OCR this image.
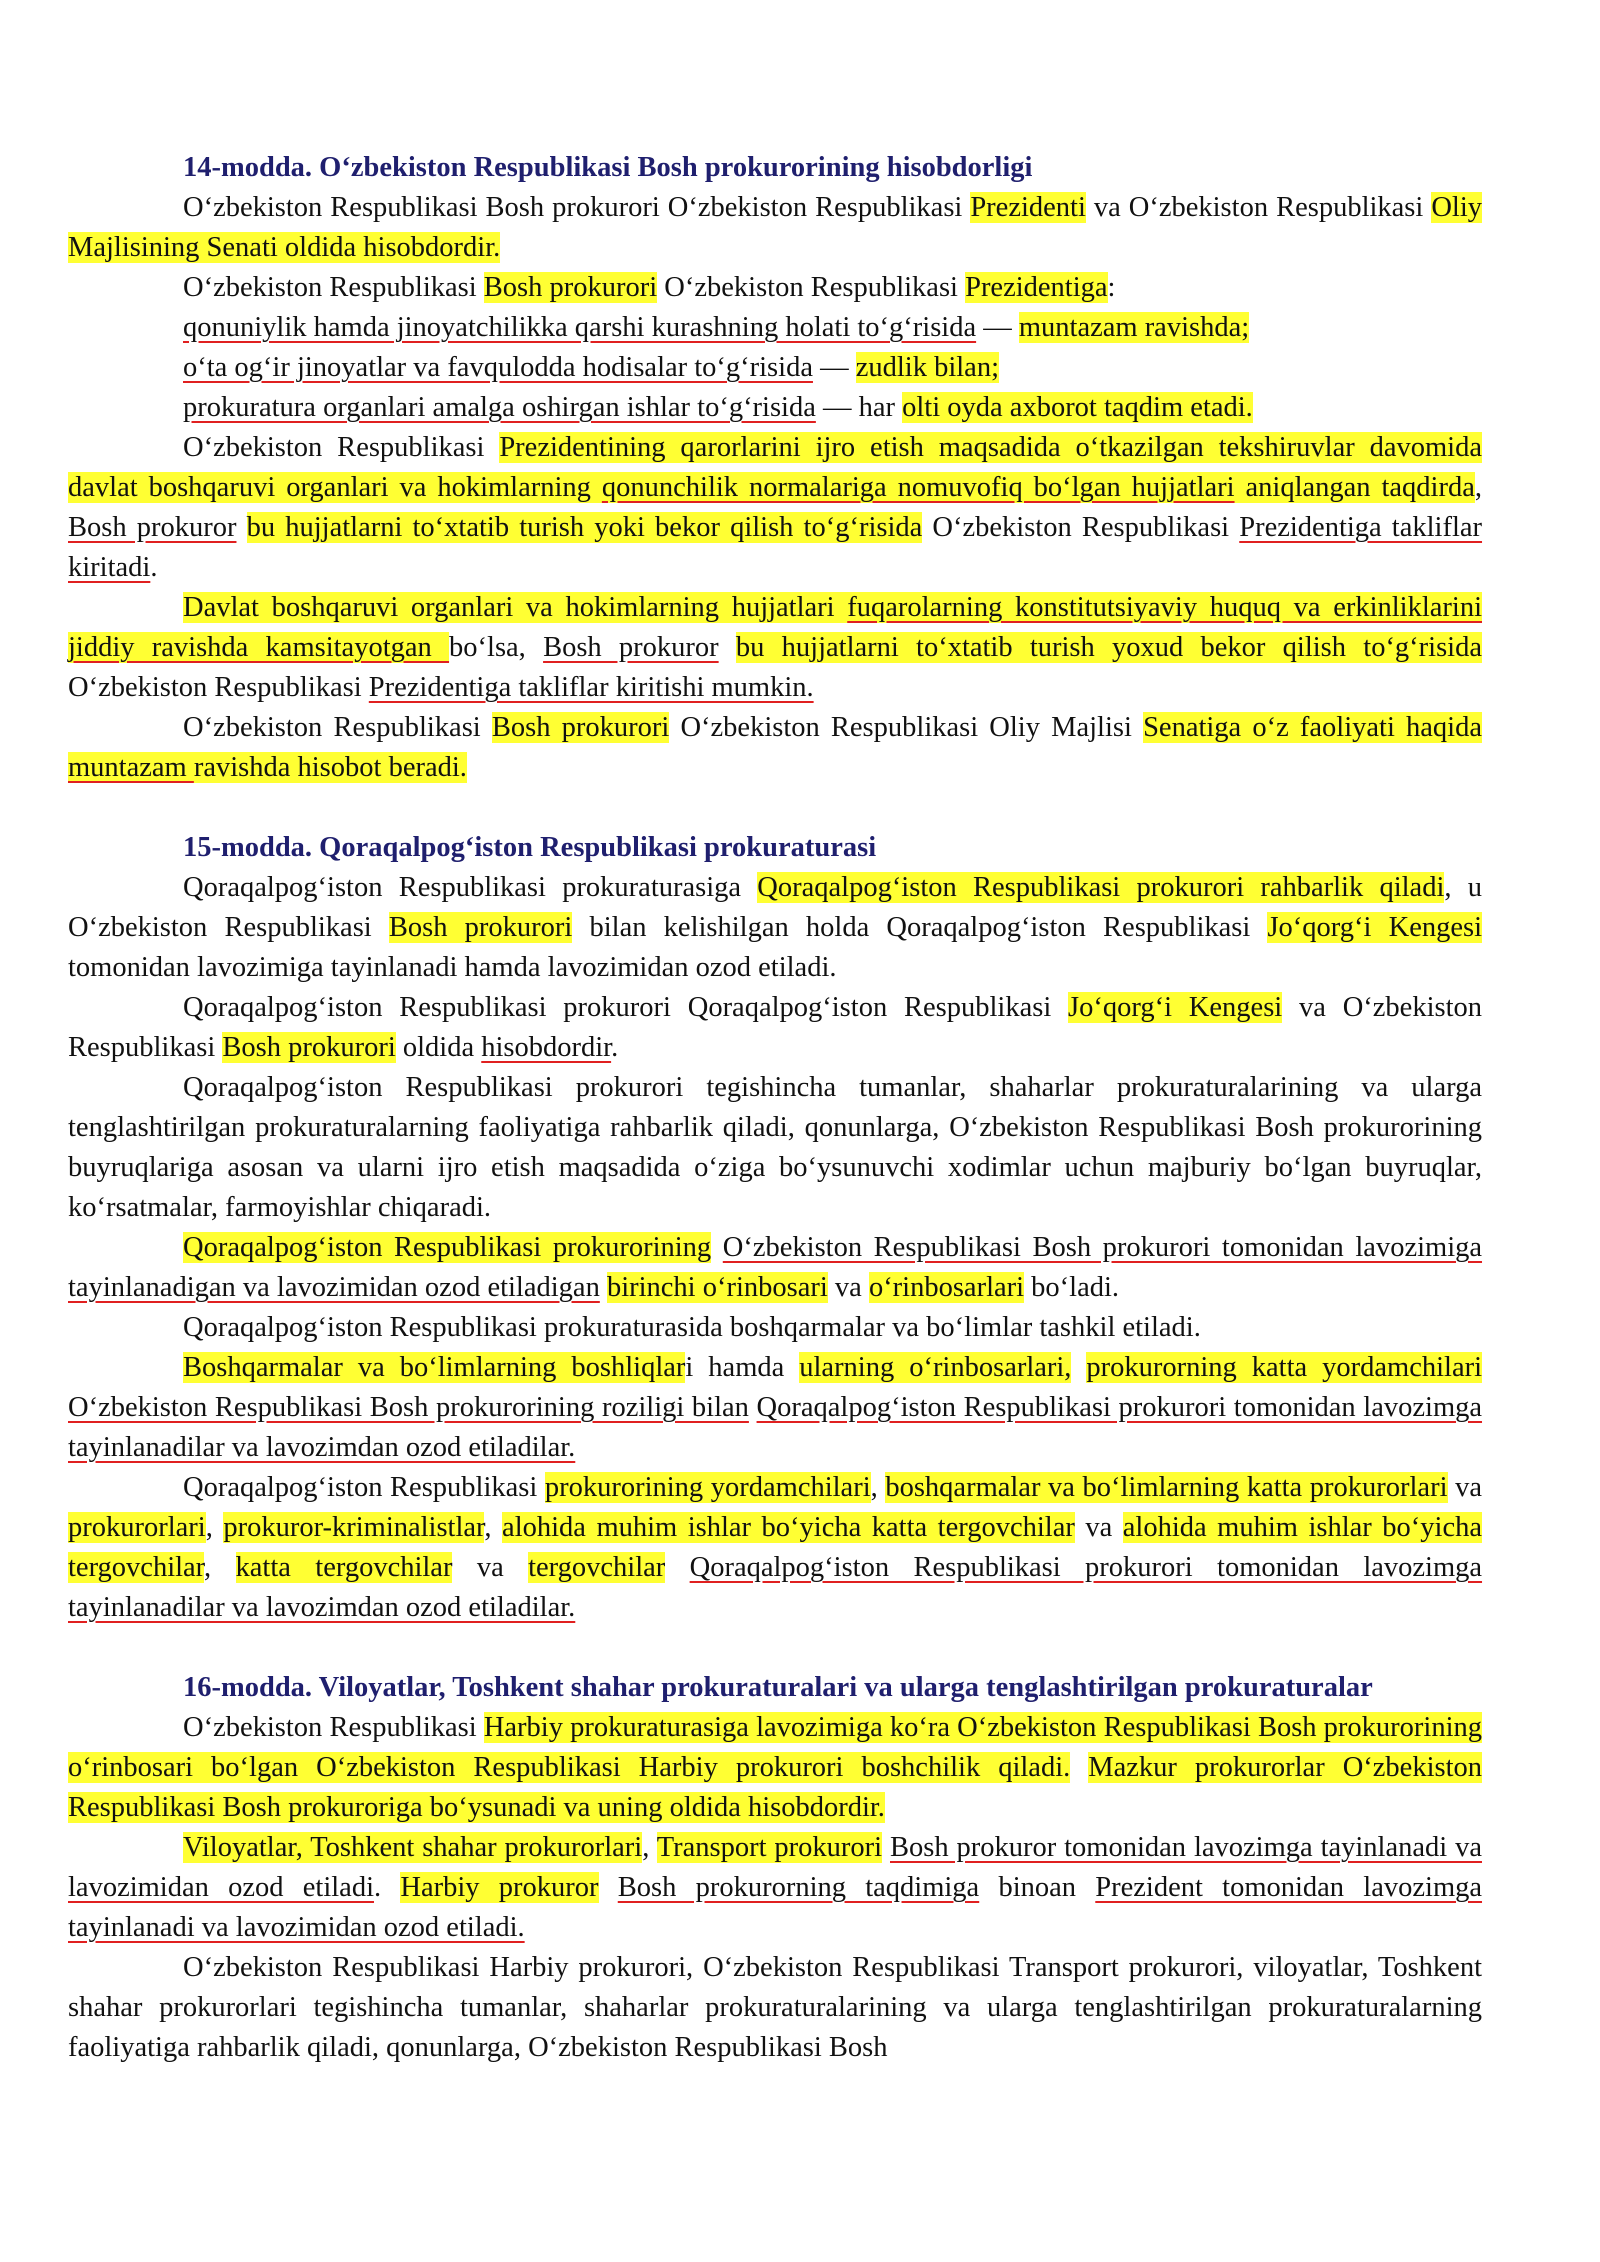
14-modda. O‘zbekiston Respublikasi Bosh prokurorining hisobdorligi

O‘zbekiston Respublikasi Bosh prokurori O‘zbekiston Respublikasi Prezidenti va O‘zbekiston Respublikasi Oliy Majlisining Senati oldida hisobdordir.

O‘zbekiston Respublikasi Bosh prokurori O‘zbekiston Respublikasi Prezidentiga:

qonuniylik hamda jinoyatchilikka qarshi kurashning holati to‘g‘risida — muntazam ravishda;

o‘ta og‘ir jinoyatlar va favqulodda hodisalar to‘g‘risida — zudlik bilan;

prokuratura organlari amalga oshirgan ishlar to‘g‘risida — har olti oyda axborot taqdim etadi.

O‘zbekiston Respublikasi Prezidentining qarorlarini ijro etish maqsadida o‘tkazilgan tekshiruvlar davomida davlat boshqaruvi organlari va hokimlarning qonunchilik normalariga nomuvofiq bo‘lgan hujjatlari aniqlangan taqdirda, Bosh prokuror bu hujjatlarni to‘xtatib turish yoki bekor qilish to‘g‘risida O‘zbekiston Respublikasi Prezidentiga takliflar kiritadi.

Davlat boshqaruvi organlari va hokimlarning hujjatlari fuqarolarning konstitutsiyaviy huquq va erkinliklarini jiddiy ravishda kamsitayotgan bo‘lsa, Bosh prokuror bu hujjatlarni to‘xtatib turish yoxud bekor qilish to‘g‘risida O‘zbekiston Respublikasi Prezidentiga takliflar kiritishi mumkin.

O‘zbekiston Respublikasi Bosh prokurori O‘zbekiston Respublikasi Oliy Majlisi Senatiga o‘z faoliyati haqida muntazam ravishda hisobot beradi.

15-modda. Qoraqalpog‘iston Respublikasi prokuraturasi

Qoraqalpog‘iston Respublikasi prokuraturasiga Qoraqalpog‘iston Respublikasi prokurori rahbarlik qiladi, u O‘zbekiston Respublikasi Bosh prokurori bilan kelishilgan holda Qoraqalpog‘iston Respublikasi Jo‘qorg‘i Kengesi tomonidan lavozimiga tayinlanadi hamda lavozimidan ozod etiladi.

Qoraqalpog‘iston Respublikasi prokurori Qoraqalpog‘iston Respublikasi Jo‘qorg‘i Kengesi va O‘zbekiston Respublikasi Bosh prokurori oldida hisobdordir.

Qoraqalpog‘iston Respublikasi prokurori tegishincha tumanlar, shaharlar prokuraturalarining va ularga tenglashtirilgan prokuraturalarning faoliyatiga rahbarlik qiladi, qonunlarga, O‘zbekiston Respublikasi Bosh prokurorining buyruqlariga asosan va ularni ijro etish maqsadida o‘ziga bo‘ysunuvchi xodimlar uchun majburiy bo‘lgan buyruqlar, ko‘rsatmalar, farmoyishlar chiqaradi.

Qoraqalpog‘iston Respublikasi prokurorining O‘zbekiston Respublikasi Bosh prokurori tomonidan lavozimiga tayinlanadigan va lavozimidan ozod etiladigan birinchi o‘rinbosari va o‘rinbosarlari bo‘ladi.

Qoraqalpog‘iston Respublikasi prokuraturasida boshqarmalar va bo‘limlar tashkil etiladi.

Boshqarmalar va bo‘limlarning boshliqlari hamda ularning o‘rinbosarlari, prokurorning katta yordamchilari O‘zbekiston Respublikasi Bosh prokurorining roziligi bilan Qoraqalpog‘iston Respublikasi prokurori tomonidan lavozimga tayinlanadilar va lavozimdan ozod etiladilar.

Qoraqalpog‘iston Respublikasi prokurorining yordamchilari, boshqarmalar va bo‘limlarning katta prokurorlari va prokurorlari, prokuror-kriminalistlar, alohida muhim ishlar bo‘yicha katta tergovchilar va alohida muhim ishlar bo‘yicha tergovchilar, katta tergovchilar va tergovchilar Qoraqalpog‘iston Respublikasi prokurori tomonidan lavozimga tayinlanadilar va lavozimdan ozod etiladilar.

16-modda. Viloyatlar, Toshkent shahar prokuraturalari va ularga tenglashtirilgan prokuraturalar

O‘zbekiston Respublikasi Harbiy prokuraturasiga lavozimiga ko‘ra O‘zbekiston Respublikasi Bosh prokurorining o‘rinbosari bo‘lgan O‘zbekiston Respublikasi Harbiy prokurori boshchilik qiladi. Mazkur prokurorlar O‘zbekiston Respublikasi Bosh prokuroriga bo‘ysunadi va uning oldida hisobdordir.

Viloyatlar, Toshkent shahar prokurorlari, Transport prokurori Bosh prokuror tomonidan lavozimga tayinlanadi va lavozimidan ozod etiladi. Harbiy prokuror Bosh prokurorning taqdimiga binoan Prezident tomonidan lavozimga tayinlanadi va lavozimidan ozod etiladi.

O‘zbekiston Respublikasi Harbiy prokurori, O‘zbekiston Respublikasi Transport prokurori, viloyatlar, Toshkent shahar prokurorlari tegishincha tumanlar, shaharlar prokuraturalarining va ularga tenglashtirilgan prokuraturalarning faoliyatiga rahbarlik qiladi, qonunlarga, O‘zbekiston Respublikasi Bosh
